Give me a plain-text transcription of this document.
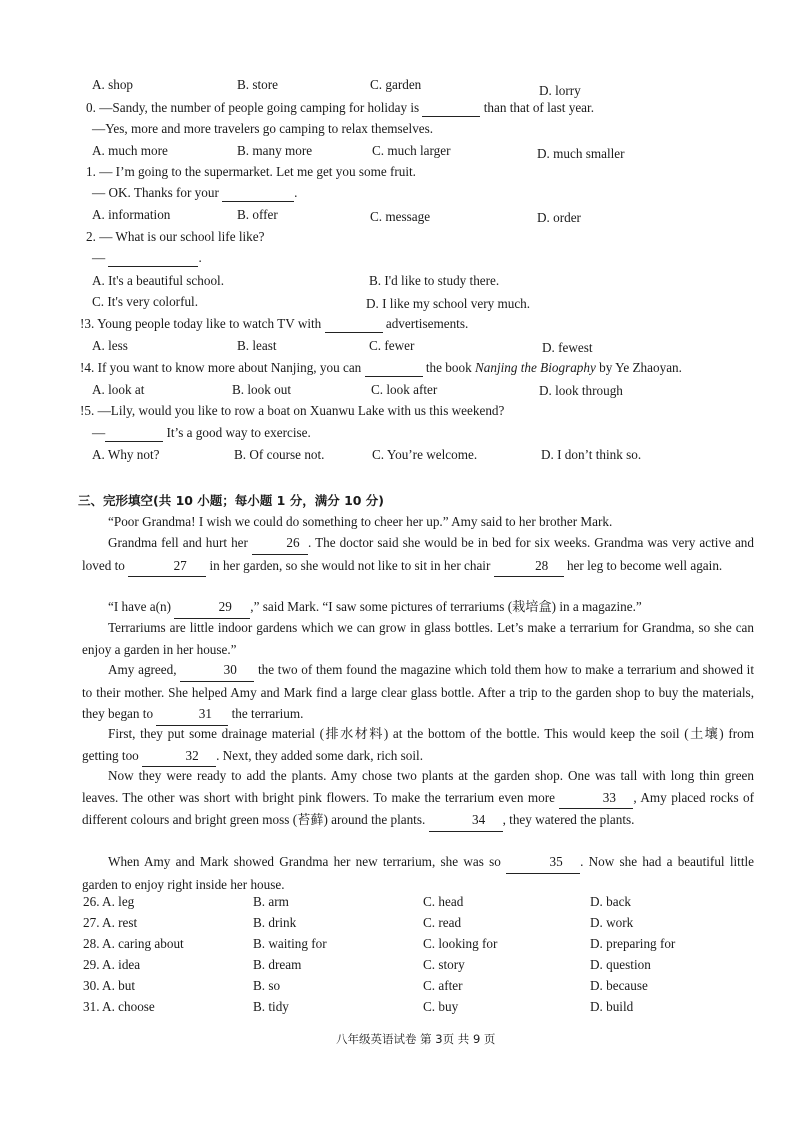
A. shop	B. store	C. garden	D. lorry
0. —Sandy, the number of people going camping for holiday is	than that of last year.
—Yes, more and more travelers go camping to relax themselves.
A. much more	B. many more	C. much larger	D. much smaller
1. — I’m going to the supermarket. Let me get you some fruit.
— OK. Thanks for your	.
A. information	B. offer	C. message	D. order
2. — What is our school life like?
—	.
A. It's a beautiful school.	B. I'd like to study there.
C. It's very colorful.	D. I like my school very much.
!3. Young people today like to watch TV with	advertisements.
A. less	B. least	C. fewer	D. fewest
!4. If you want to know more about Nanjing, you can	the book Nanjing the Biography by Ye Zhaoyan.
A. look at	B. look out	C. look after	D. look through
!5. —Lily, would you like to row a boat on Xuanwu Lake with us this weekend?
—	It’s a good way to exercise.
A. Why not?	B. Of course not.	C. You’re welcome.	D. I don’t think so.
三、完形填空(共 10 小题；每小题 1 分，满分 10 分)
“Poor Grandma! I wish we could do something to cheer her up.” Amy said to her brother Mark.
Grandma fell and hurt her	26 . The doctor said she would be in bed for six weeks. Grandma was very active and loved to	27 in her garden, so she would not like to sit in her chair	28 her leg to become well again.
“I have a(n)	29 ,” said Mark. “I saw some pictures of terrariums (栽培盒) in a magazine.”
Terrariums are little indoor gardens which we can grow in glass bottles. Let’s make a terrarium for Grandma, so she can enjoy a garden in her house.”
Amy agreed,	30 the two of them found the magazine which told them how to make a terrarium and showed it to their mother. She helped Amy and Mark find a large clear glass bottle. After a trip to the garden shop to buy the materials, they began to	31 the terrarium.
First, they put some drainage material (排水材料) at the bottom of the bottle. This would keep the soil (土壤) from getting too	32 . Next, they added some dark, rich soil.
Now they were ready to add the plants. Amy chose two plants at the garden shop. One was tall with long thin green leaves. The other was short with bright pink flowers. To make the terrarium even more	33 , Amy placed rocks of different colours and bright green moss (苔藓) around the plants.	34 , they watered the plants.
When Amy and Mark showed Grandma her new terrarium, she was so	35 . Now she had a beautiful little garden to enjoy right inside her house.
26. A. leg	B. arm	C. head	D. back
27. A. rest	B. drink	C. read	D. work
28. A. caring about	B. waiting for	C. looking for	D. preparing for
29. A. idea	B. dream	C. story	D. question
30. A. but	B. so	C. after	D. because
31. A. choose	B. tidy	C. buy	D. build
八年级英语试卷 第 3页 共 9 页
